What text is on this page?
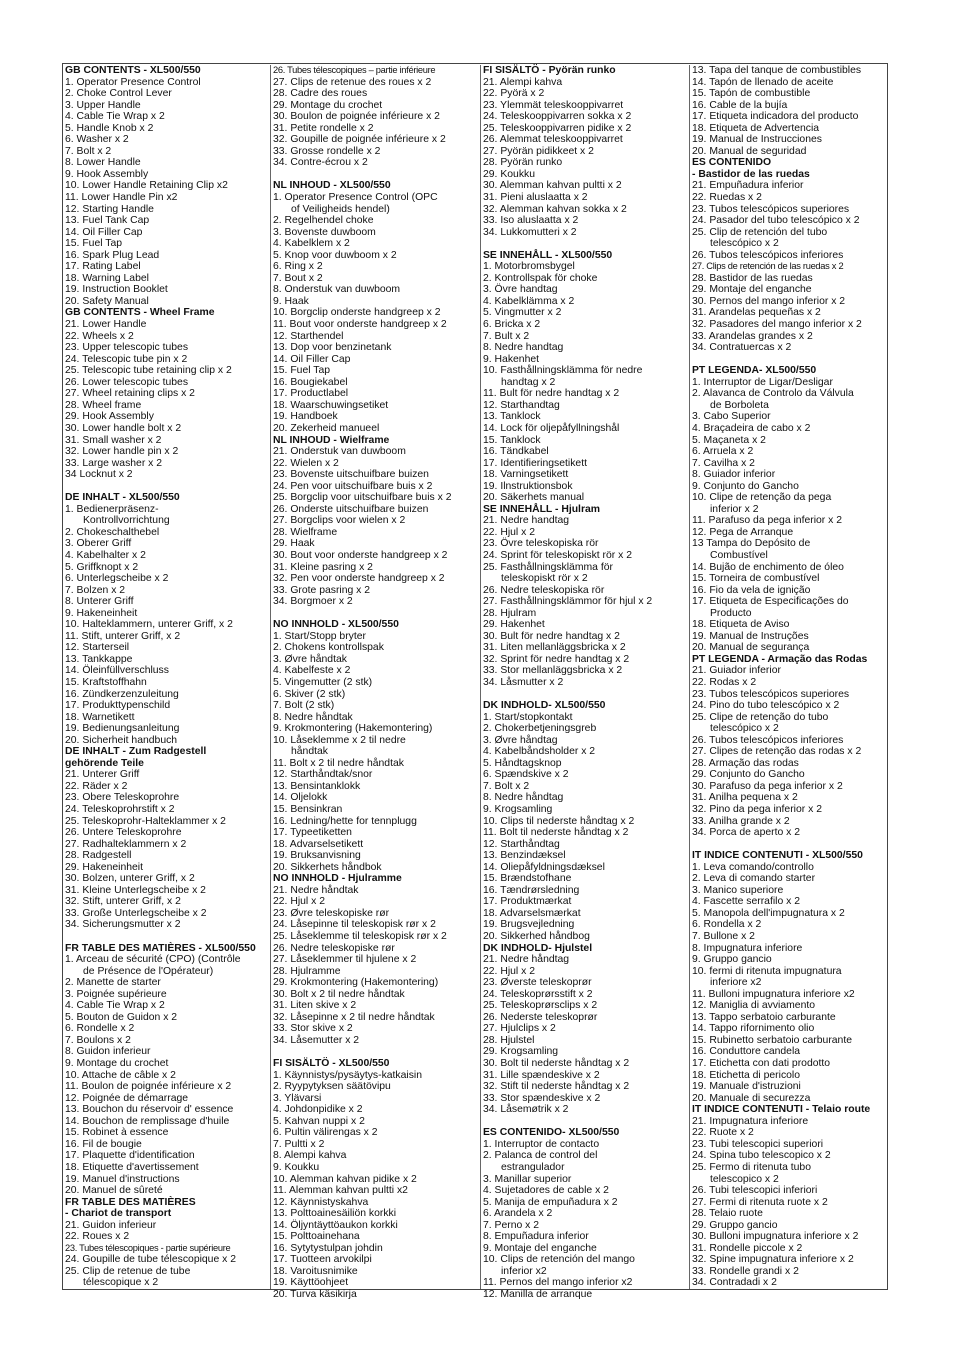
GB CONTENTS - XL500/550
1. Operator Presence Control
2. Choke Control Lever
3. Upper Handle
4. Cable Tie Wrap x 2
5. Handle Knob x 2
6. Washer x 2
7. Bolt x 2
8. Lower Handle
9. Hook Assembly
10. Lower Handle Retaining Clip x2
11. Lower Handle Pin x2
12. Starting Handle
13. Fuel Tank Cap
14. Oil Filler Cap
15. Fuel Tap
16. Spark Plug Lead
17. Rating Label
18. Warning Label
19. Instruction Booklet
20. Safety Manual
GB CONTENTS - Wheel Frame
21. Lower Handle
22. Wheels x 2
23. Upper telescopic tubes
24. Telescopic tube pin x 2
25. Telescopic tube retaining clip x 2
26. Lower telescopic tubes
27. Wheel retaining clips x 2
28. Wheel frame
29. Hook Assembly
30. Lower handle bolt x 2
31. Small washer x 2
32. Lower handle pin x 2
33. Large washer x 2
34 Locknut x 2
DE INHALT - XL500/550
1. Bedienerpräsenz-
Kontrollvorrichtung
2. Chokeschalthebel
3. Oberer Griff
4. Kabelhalter x 2
5. Griffknopt x 2
6. Unterlegscheibe x 2
7. Bolzen x 2
8. Unterer Griff
9. Hakeneinheit
10. Halteklammern, unterer Griff, x 2
11. Stift, unterer Griff, x 2
12. Starterseil
13. Tankkappe
14. Öleinfüllverschluss
15. Kraftstoffhahn
16. Zündkerzenzuleitung
17. Produkttypenschild
18. Warnetikett
19. Bedienungsanleitung
20. Sicherheit handbuch
DE INHALT - Zum Radgestell
gehörende Teile
21. Unterer Griff
22. Räder x 2
23. Obere Teleskoprohre
24. Teleskoprohrstift x 2
25. Teleskoprohr-Halteklammer x 2
26. Untere Teleskoprohre
27. Radhalteklammern x 2
28. Radgestell
29. Hakeneinheit
30. Bolzen, unterer Griff, x 2
31. Kleine Unterlegscheibe x 2
32. Stift, unterer Griff, x 2
33. Große Unterlegscheibe x 2
34. Sicherungsmutter x 2
FR TABLE DES MATIÈRES - XL500/550
1. Arceau de sécurité (CPO) (Contrôle
de Présence de l'Opérateur)
2. Manette de starter
3. Poignée supérieure
4. Cable Tie Wrap x 2
5. Bouton de Guidon x 2
6. Rondelle x 2
7. Boulons x 2
8. Guidon inferieur
9. Montage du crochet
10. Attache de câble x 2
11. Boulon de poignée inférieure x 2
12. Poignée de démarrage
13. Bouchon du réservoir d' essence
14. Bouchon de remplissage d'huile
15. Robinet à essence
16. Fil de bougie
17. Plaquette d'identification
18. Etiquette d'avertissement
19. Manuel d'instructions
20. Manuel de sûreté
FR TABLE DES MATIÈRES
- Chariot de transport
21. Guidon inferieur
22. Roues x 2
23. Tubes télescopiques - partie supérieure
24. Goupille de tube télescopique x 2
25. Clip de retenue de tube
télescopique x 2
26. Tubes télescopiques – partie inférieure
27. Clips de retenue des roues x 2
28. Cadre des roues
29. Montage du crochet
30. Boulon de poignée inférieure x 2
31. Petite rondelle x 2
32. Goupille de poignée inférieure x 2
33. Grosse rondelle x 2
34. Contre-écrou x 2
NL INHOUD - XL500/550
1. Operator Presence Control (OPC
of Veiligheids hendel)
2. Regelhendel choke
3. Bovenste duwboom
4. Kabelklem x 2
5. Knop voor duwboom x 2
6. Ring x 2
7. Bout x 2
8. Onderstuk van duwboom
9. Haak
10. Borgclip onderste handgreep x 2
11. Bout voor onderste handgreep x 2
12. Starthendel
13. Dop voor benzinetank
14. Oil Filler Cap
15. Fuel Tap
16. Bougiekabel
17. Productlabel
18. Waarschuwingsetiket
19. Handboek
20. Zekerheid manueel
NL INHOUD - Wielframe
21. Onderstuk van duwboom
22. Wielen x 2
23. Bovenste uitschuifbare buizen
24. Pen voor uitschuifbare buis x 2
25. Borgclip voor uitschuifbare buis x 2
26. Onderste uitschuifbare buizen
27. Borgclips voor wielen x 2
28. Wielframe
29. Haak
30. Bout voor onderste handgreep x 2
31. Kleine pasring x 2
32. Pen voor onderste handgreep x 2
33. Grote pasring x 2
34. Borgmoer x 2
NO INNHOLD - XL500/550
1. Start/Stopp bryter
2. Chokens kontrollspak
3. Øvre håndtak
4. Kabelfeste x 2
5. Vingemutter (2 stk)
6. Skiver (2 stk)
7. Bolt (2 stk)
8. Nedre håndtak
9. Krokmontering (Hakemontering)
10. Låseklemme x 2 til nedre
håndtak
11. Bolt x 2 til nedre håndtak
12. Starthåndtak/snor
13. Bensintanklokk
14. Oljelokk
15. Bensinkran
16. Ledning/hette for tennplugg
17. Typeetiketten
18. Advarselsetikett
19. Bruksanvisning
20. Sikkerhets håndbok
NO INNHOLD - Hjulramme
21. Nedre håndtak
22. Hjul x 2
23. Øvre teleskopiske rør
24. Låsepinne til teleskopisk rør x 2
25. Låseklemme til teleskopisk rør x 2
26. Nedre teleskopiske rør
27. Låseklemmer til hjulene x 2
28. Hjulramme
29. Krokmontering (Hakemontering)
30. Bolt x 2 til nedre håndtak
31. Liten skive x 2
32. Låsepinne x 2 til nedre håndtak
33. Stor skive x 2
34. Låsemutter x 2
FI SISÄLTÖ - XL500/550
1. Käynnistys/pysäytys-katkaisin
2. Ryypytyksen säätövipu
3. Ylävarsi
4. Johdonpidike x 2
5. Kahvan nuppi x 2
6. Pultin välirengas x 2
7. Pultti x 2
8. Alempi kahva
9. Koukku
10. Alemman kahvan pidike x 2
11. Alemman kahvan pultti x2
12. Käynnistyskahva
13. Polttoainesäiliön korkki
14. Öljyntäyttöaukon korkki
15. Polttoainehana
16. Sytytystulpan johdin
17. Tuotteen arvokilpi
18. Varoitusnimike
19. Käyttöohjeet
20. Turva käsikirja
FI SISÄLTÖ - Pyörän runko
21. Alempi kahva
22. Pyörä x 2
23. Ylemmät teleskooppivarret
24. Teleskooppivarren sokka x 2
25. Teleskooppivarren pidike x 2
26. Alemmat teleskooppivarret
27. Pyörän pidikkeet x 2
28. Pyörän runko
29. Koukku
30. Alemman kahvan pultti x 2
31. Pieni aluslaatta x 2
32. Alemman kahvan sokka x 2
33. Iso aluslaatta x 2
34. Lukkomutteri x 2
SE INNEHÅLL - XL500/550
1. Motorbromsbygel
2. Kontrollspak för choke
3. Övre handtag
4. Kabelklämma x 2
5. Vingmutter x 2
6. Bricka x 2
7. Bult x 2
8. Nedre handtag
9. Hakenhet
10. Fasthållningsklämma för nedre
handtag x 2
11. Bult för nedre handtag x 2
12. Starthandtag
13. Tanklock
14. Lock för oljepåfyllningshål
15. Tanklock
16. Tändkabel
17. Identifieringsetikett
18. Varningsetikett
19. Ilnstruktionsbok
20. Säkerhets manual
SE INNEHÅLL - Hjulram
21. Nedre handtag
22. Hjul x 2
23. Övre teleskopiska rör
24. Sprint för teleskopiskt rör x 2
25. Fasthållningsklämma för
teleskopiskt rör x 2
26. Nedre teleskopiska rör
27. Fasthållningsklämmor för hjul x 2
28. Hjulram
29. Hakenhet
30. Bult för nedre handtag x 2
31. Liten mellanläggsbricka x 2
32. Sprint för nedre handtag x 2
33. Stor mellanläggsbricka x 2
34. Låsmutter x 2
DK INDHOLD- XL500/550
1. Start/stopkontakt
2. Chokerbetjeningsgreb
3. Øvre håndtag
4. Kabelbåndsholder x 2
5. Håndtagsknop
6. Spændskive x 2
7. Bolt x 2
8. Nedre håndtag
9. Krogsamling
10. Clips til nederste håndtag x 2
11. Bolt til nederste håndtag x 2
12. Starthåndtag
13. Benzindæksel
14. Oliepåfyldningsdæksel
15. Brændstofhane
16. Tændrørsledning
17. Produktmærkat
18. Advarselsmærkat
19. Brugsvejledning
20. Sikkerhed håndbog
DK INDHOLD- Hjulstel
21. Nedre håndtag
22. Hjul x 2
23. Øverste teleskoprør
24. Teleskoprørsstift x 2
25. Teleskoprørsclips x 2
26. Nederste teleskoprør
27. Hjulclips x 2
28. Hjulstel
29. Krogsamling
30. Bolt til nederste håndtag x 2
31. Lille spændeskive x 2
32. Stift til nederste håndtag x 2
33. Stor spændeskive x 2
34. Låsemøtrik x 2
ES CONTENIDO- XL500/550
1. Interruptor de contacto
2. Palanca de control del
estrangulador
3. Manillar superior
4. Sujetadores de cable x 2
5. Manija de empuñadura x 2
6. Arandela x 2
7. Perno x 2
8. Empuñadura inferior
9. Montaje del enganche
10. Clips de retención del mango
inferior x2
11. Pernos del mango inferior x2
12. Manilla de arranque
13. Tapa del tanque de combustibles
14. Tapón de llenado de aceite
15. Tapón de combustible
16. Cable de la bujía
17. Etiqueta indicadora del producto
18. Etiqueta de Advertencia
19. Manual de Instrucciones
20. Manual de seguridad
ES CONTENIDO
- Bastidor de las ruedas
21. Empuñadura inferior
22. Ruedas x 2
23. Tubos telescópicos superiores
24. Pasador del tubo telescópico x 2
25. Clip de retención del tubo
telescópico x 2
26. Tubos telescópicos inferiores
27. Clips de retención de las ruedas x 2
28. Bastidor de las ruedas
29. Montaje del enganche
30. Pernos del mango inferior x 2
31. Arandelas pequeñas x 2
32. Pasadores del mango inferior x 2
33. Arandelas grandes x 2
34. Contratuercas x 2
PT LEGENDA- XL500/550
1. Interruptor de Ligar/Desligar
2. Alavanca de Controlo da Válvula
de Borboleta
3. Cabo Superior
4. Braçadeira de cabo x 2
5. Maçaneta x 2
6. Arruela x 2
7. Cavilha x 2
8. Guiador inferior
9. Conjunto do Gancho
10. Clipe de retenção da pega
inferior x 2
11. Parafuso da pega inferior x 2
12. Pega de Arranque
13 Tampa do Depósito de
Combustível
14. Bujão de enchimento de óleo
15. Torneira de combustível
16. Fio da vela de ignição
17. Etiqueta de Especificações do
Producto
18. Etiqueta de Aviso
19. Manual de Instruções
20. Manual de segurança
PT LEGENDA - Armação das Rodas
21. Guiador inferior
22. Rodas x 2
23. Tubos telescópicos superiores
24. Pino do tubo telescópico x 2
25. Clipe de retenção do tubo
telescópico x 2
26. Tubos telescópicos inferiores
27. Clipes de retenção das rodas x 2
28. Armação das rodas
29. Conjunto do Gancho
30. Parafuso da pega inferior x 2
31. Anilha pequena x 2
32. Pino da pega inferior x 2
33. Anilha grande x 2
34. Porca de aperto x 2
IT INDICE CONTENUTI - XL500/550
1. Leva comando/controllo
2. Leva di comando starter
3. Manico superiore
4. Fascette serrafilo x 2
5. Manopola dell'impugnatura x 2
6. Rondella x 2
7. Bullone x 2
8. Impugnatura inferiore
9. Gruppo gancio
10. fermi di ritenuta impugnatura
inferiore x2
11. Bulloni impugnatura inferiore x2
12. Maniglia di avviamento
13. Tappo serbatoio carburante
14. Tappo rifornimento olio
15. Rubinetto serbatoio carburante
16. Conduttore candela
17. Etichetta con dati prodotto
18. Etichetta di pericolo
19. Manuale d'istruzioni
20. Manuale di securezza
IT INDICE CONTENUTI - Telaio route
21. Impugnatura inferiore
22. Ruote x 2
23. Tubi telescopici superiori
24. Spina tubo telescopico x 2
25. Fermo di ritenuta tubo
telescopico x 2
26. Tubi telescopici inferiori
27. Fermi di ritenuta ruote x 2
28. Telaio ruote
29. Gruppo gancio
30. Bulloni impugnatura inferiore x 2
31. Rondelle piccole x 2
32. Spine impugnatura inferiore x 2
33. Rondelle grandi x 2
34. Contradadi x 2
